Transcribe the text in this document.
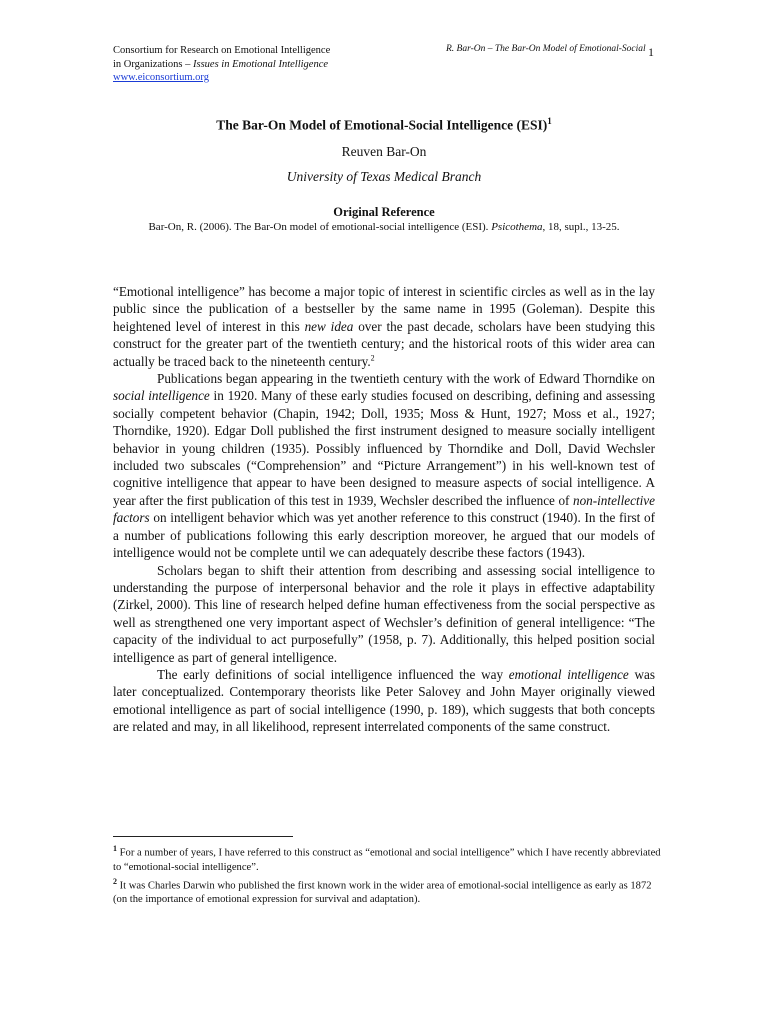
Consortium for Research on Emotional Intelligence
in Organizations – Issues in Emotional Intelligence
www.eiconsortium.org
R. Bar-On – The Bar-On Model of Emotional-Social 1
The Bar-On Model of Emotional-Social Intelligence (ESI)$^1$
Reuven Bar-On
University of Texas Medical Branch
Original Reference
Bar-On, R. (2006). The Bar-On model of emotional-social intelligence (ESI). Psicothema, 18, supl., 13-25.

“Emotional intelligence” has become a major topic of interest in scientific circles as well as in the lay public since the publication of a bestseller by the same name in 1995 (Goleman). Despite this heightened level of interest in this new idea over the past decade, scholars have been studying this construct for the greater part of the twentieth century; and the historical roots of this wider area can actually be traced back to the nineteenth century.$^2$

Publications began appearing in the twentieth century with the work of Edward Thorndike on social intelligence in 1920. Many of these early studies focused on describing, defining and assessing socially competent behavior (Chapin, 1942; Doll, 1935; Moss & Hunt, 1927; Moss et al., 1927; Thorndike, 1920). Edgar Doll published the first instrument designed to measure socially intelligent behavior in young children (1935). Possibly influenced by Thorndike and Doll, David Wechsler included two subscales (“Comprehension” and “Picture Arrangement”) in his well-known test of cognitive intelligence that appear to have been designed to measure aspects of social intelligence. A year after the first publication of this test in 1939, Wechsler described the influence of non-intellective factors on intelligent behavior which was yet another reference to this construct (1940). In the first of a number of publications following this early description moreover, he argued that our models of intelligence would not be complete until we can adequately describe these factors (1943).

Scholars began to shift their attention from describing and assessing social intelligence to understanding the purpose of interpersonal behavior and the role it plays in effective adaptability (Zirkel, 2000). This line of research helped define human effectiveness from the social perspective as well as strengthened one very important aspect of Wechsler’s definition of general intelligence: “The capacity of the individual to act purposefully” (1958, p. 7). Additionally, this helped position social intelligence as part of general intelligence.

The early definitions of social intelligence influenced the way emotional intelligence was later conceptualized. Contemporary theorists like Peter Salovey and John Mayer originally viewed emotional intelligence as part of social intelligence (1990, p. 189), which suggests that both concepts are related and may, in all likelihood, represent interrelated components of the same construct.

$^1$ For a number of years, I have referred to this construct as “emotional and social intelligence” which I have recently abbreviated to “emotional-social intelligence”.

$^2$ It was Charles Darwin who published the first known work in the wider area of emotional-social intelligence as early as 1872 (on the importance of emotional expression for survival and adaptation).
